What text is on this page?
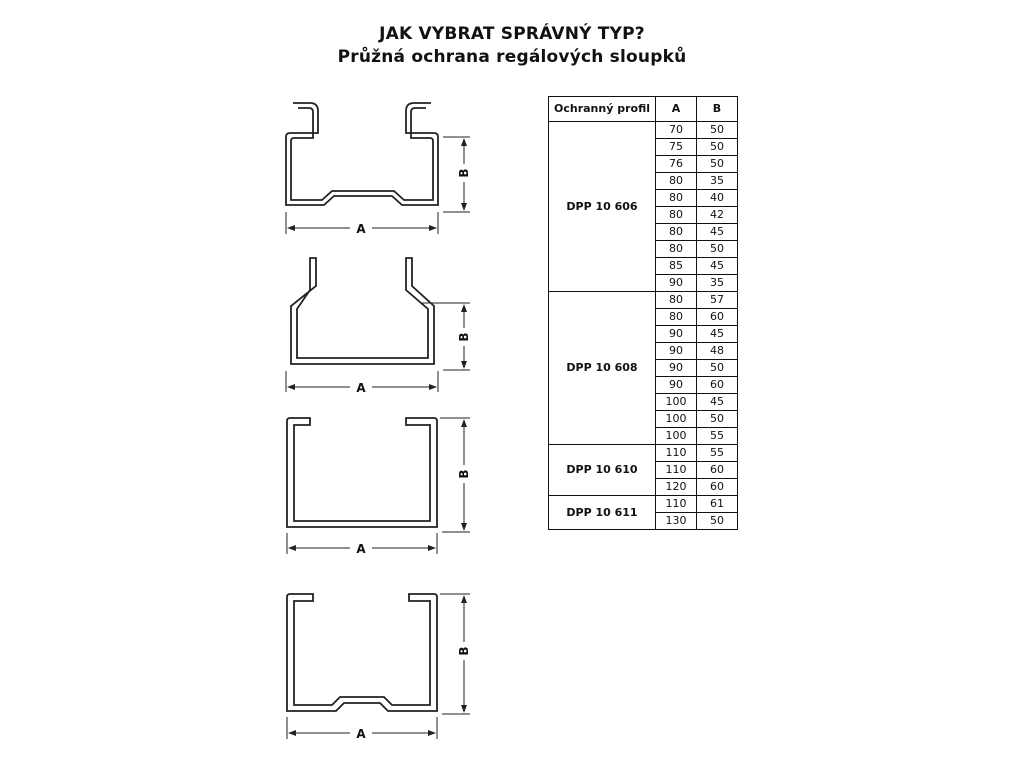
JAK VYBRAT SPRÁVNÝ TYP?
Průžná ochrana regálových sloupků
A
B
A
B
A
B
A
B
Ochranný profil	A	B
DPP 10 606	70	50
	75	50
	76	50
	80	35
	80	40
	80	42
	80	45
	80	50
	85	45
	90	35
DPP 10 608	80	57
	80	60
	90	45
	90	48
	90	50
	90	60
	100	45
	100	50
	100	55
DPP 10 610	110	55
	110	60
	120	60
DPP 10 611	110	61
	130	50
